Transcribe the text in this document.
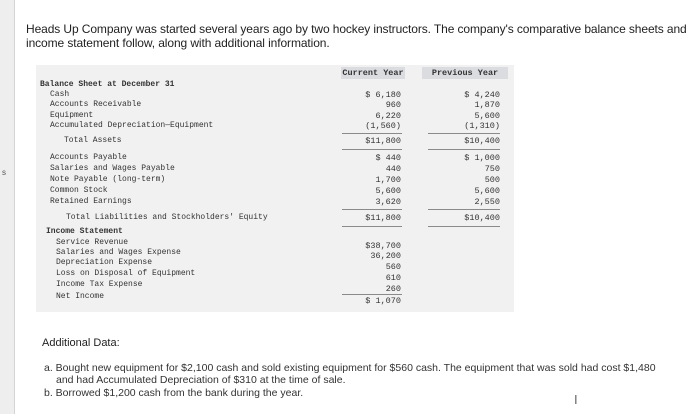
s
Heads Up Company was started several years ago by two hockey instructors. The company's comparative balance sheets and income statement follow, along with additional information.
Current Year	Previous Year
Balance Sheet at December 31
Cash	$ 6,180	$ 4,240
Accounts Receivable	960	1,870
Equipment	6,220	5,600
Accumulated Depreciation—Equipment	(1,560)	(1,310)
Total Assets	$11,800	$10,400
Accounts Payable	$ 440	$ 1,000
Salaries and Wages Payable	440	750
Note Payable (long-term)	1,700	500
Common Stock	5,600	5,600
Retained Earnings	3,620	2,550
Total Liabilities and Stockholders' Equity	$11,800	$10,400
Income Statement
Service Revenue	$38,700
Salaries and Wages Expense	36,200
Depreciation Expense	560
Loss on Disposal of Equipment	610
Income Tax Expense	260
Net Income	$ 1,070
Additional Data:
a. Bought new equipment for $2,100 cash and sold existing equipment for $560 cash. The equipment that was sold had cost $1,480
and had Accumulated Depreciation of $310 at the time of sale.
b. Borrowed $1,200 cash from the bank during the year.	I
